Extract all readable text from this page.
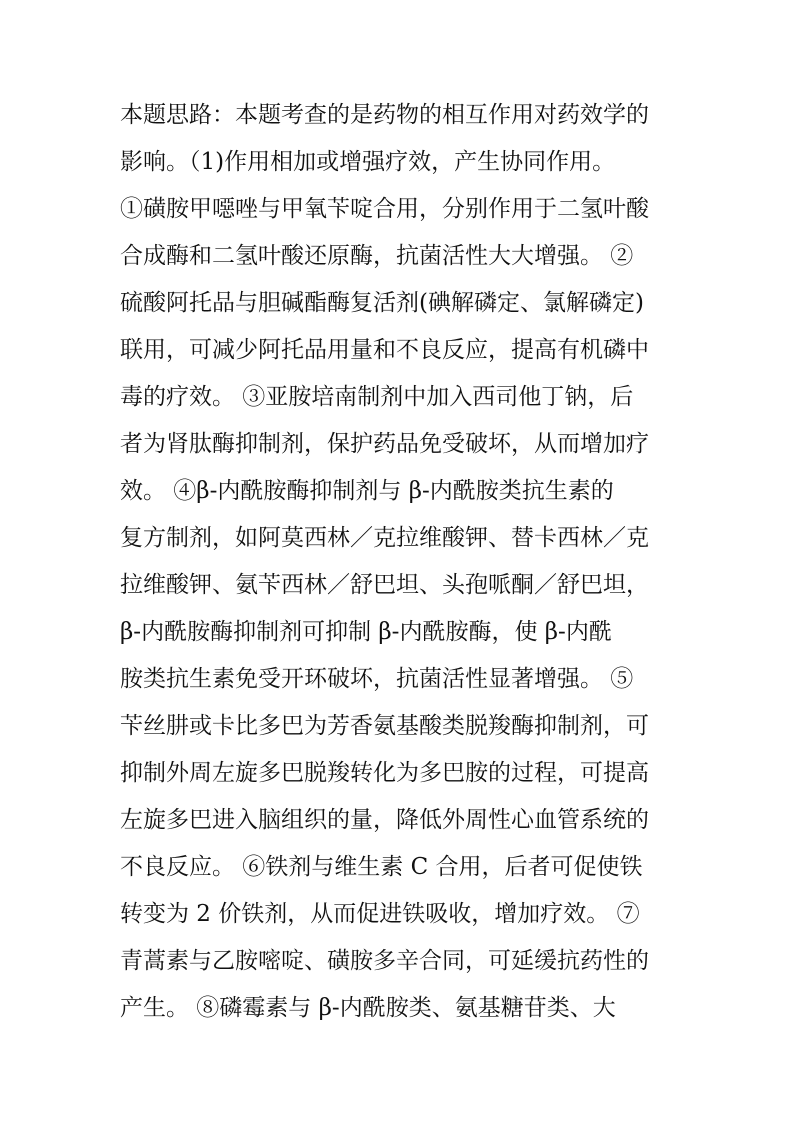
本题思路：本题考查的是药物的相互作用对药效学的
影响。（1)作用相加或增强疗效，产生协同作用。
①磺胺甲噁唑与甲氧苄啶合用，分别作用于二氢叶酸
合成酶和二氢叶酸还原酶，抗菌活性大大增强。 ②
硫酸阿托品与胆碱酯酶复活剂(碘解磷定、氯解磷定)
联用，可减少阿托品用量和不良反应，提高有机磷中
毒的疗效。 ③亚胺培南制剂中加入西司他丁钠，后
者为肾肽酶抑制剂，保护药品免受破坏，从而增加疗
效。 ④β-内酰胺酶抑制剂与 β-内酰胺类抗生素的
复方制剂，如阿莫西林／克拉维酸钾、替卡西林／克
拉维酸钾、氨苄西林／舒巴坦、头孢哌酮／舒巴坦，
β-内酰胺酶抑制剂可抑制 β-内酰胺酶，使 β-内酰
胺类抗生素免受开环破坏，抗菌活性显著增强。 ⑤
苄丝肼或卡比多巴为芳香氨基酸类脱羧酶抑制剂，可
抑制外周左旋多巴脱羧转化为多巴胺的过程，可提高
左旋多巴进入脑组织的量，降低外周性心血管系统的
不良反应。 ⑥铁剂与维生素 C 合用，后者可促使铁
转变为 2 价铁剂，从而促进铁吸收，增加疗效。 ⑦
青蒿素与乙胺嘧啶、磺胺多辛合同，可延缓抗药性的
产生。 ⑧磷霉素与 β-内酰胺类、氨基糖苷类、大
